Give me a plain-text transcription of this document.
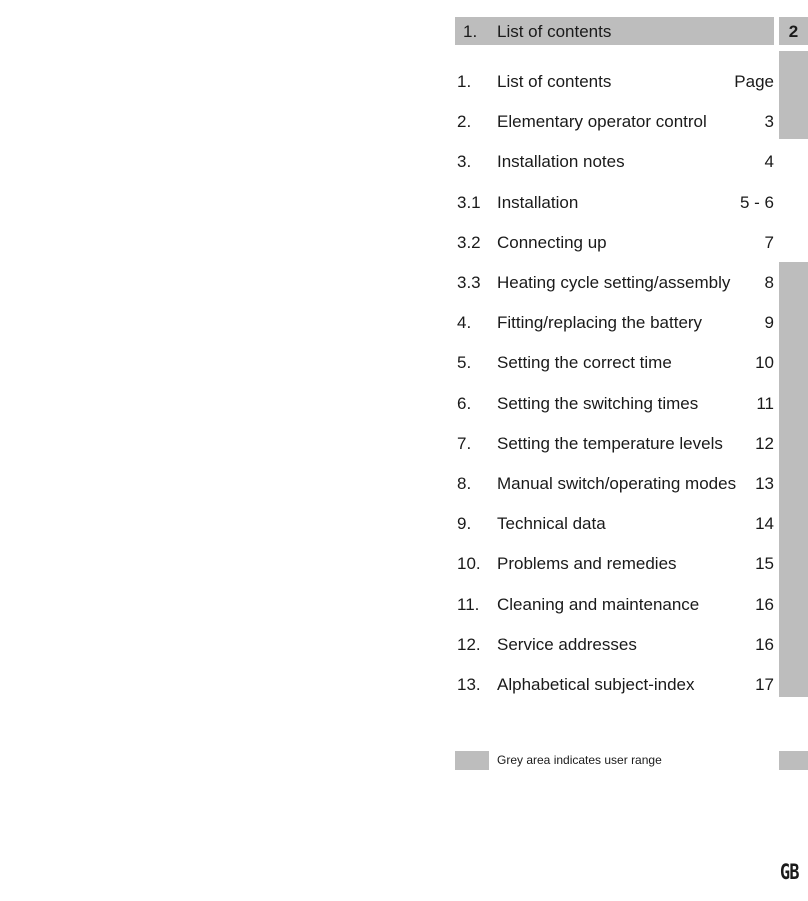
1. List of contents	2
1. List of contents	Page
2. Elementary operator control	3
3. Installation notes	4
3.1 Installation	5 - 6
3.2 Connecting up	7
3.3 Heating cycle setting/assembly 8
4. Fitting/replacing the battery	9
5. Setting the correct time	10
6. Setting the switching times	11
7. Setting the temperature levels 12
8. Manual switch/operating modes 13
9. Technical data	14
10. Problems and remedies	15
11. Cleaning and maintenance	16
12. Service addresses	16
13. Alphabetical subject-index	17
Grey area indicates user range
GB
